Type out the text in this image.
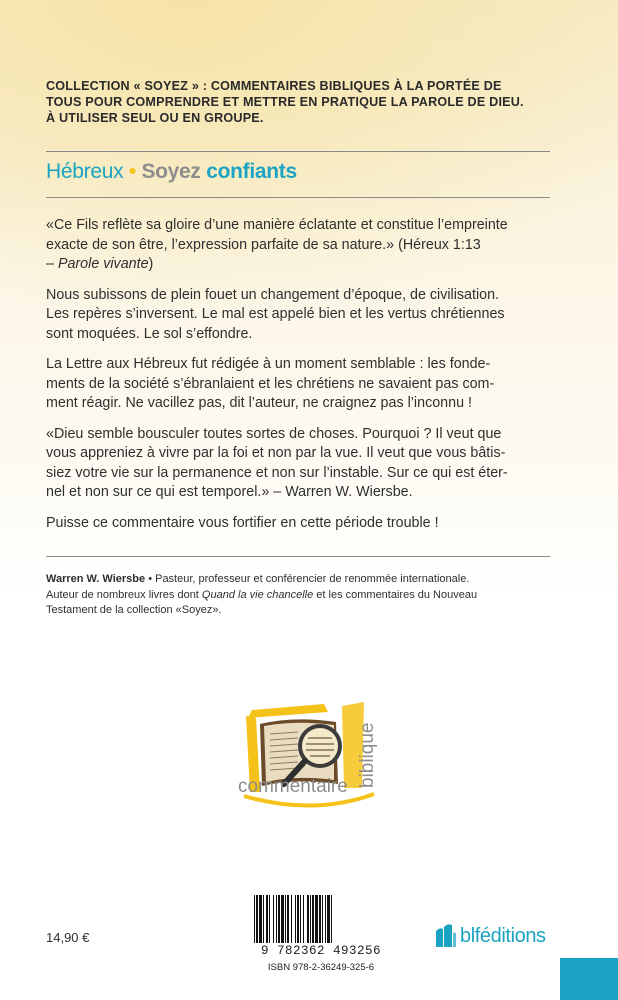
COLLECTION « SOYEZ » : COMMENTAIRES BIBLIQUES À LA PORTÉE DE
TOUS POUR COMPRENDRE ET METTRE EN PRATIQUE LA PAROLE DE DIEU.
À UTILISER SEUL OU EN GROUPE.
Hébreux • Soyez confiants

«Ce Fils reflète sa gloire d’une manière éclatante et constitue l’empreinte
exacte de son être, l’expression parfaite de sa nature.» (Héreux 1:13
– Parole vivante)

Nous subissons de plein fouet un changement d’époque, de civilisation.
Les repères s’inversent. Le mal est appelé bien et les vertus chrétiennes
sont moquées. Le sol s’effondre.

La Lettre aux Hébreux fut rédigée à un moment semblable : les fonde-
ments de la société s’ébranlaient et les chrétiens ne savaient pas com-
ment réagir. Ne vacillez pas, dit l’auteur, ne craignez pas l’inconnu !

«Dieu semble bousculer toutes sortes de choses. Pourquoi ? Il veut que
vous appreniez à vivre par la foi et non par la vue. Il veut que vous bâtis-
siez votre vie sur la permanence et non sur l’instable. Sur ce qui est éter-
nel et non sur ce qui est temporel.» – Warren W. Wiersbe.

Puisse ce commentaire vous fortifier en cette période trouble !

Warren W. Wiersbe • Pasteur, professeur et conférencier de renommée internationale.
Auteur de nombreux livres dont Quand la vie chancelle et les commentaires du Nouveau
Testament de la collection «Soyez».
commentaire biblique
14,90 €
9 782362 493256
ISBN 978-2-36249-325-6
blféditions
